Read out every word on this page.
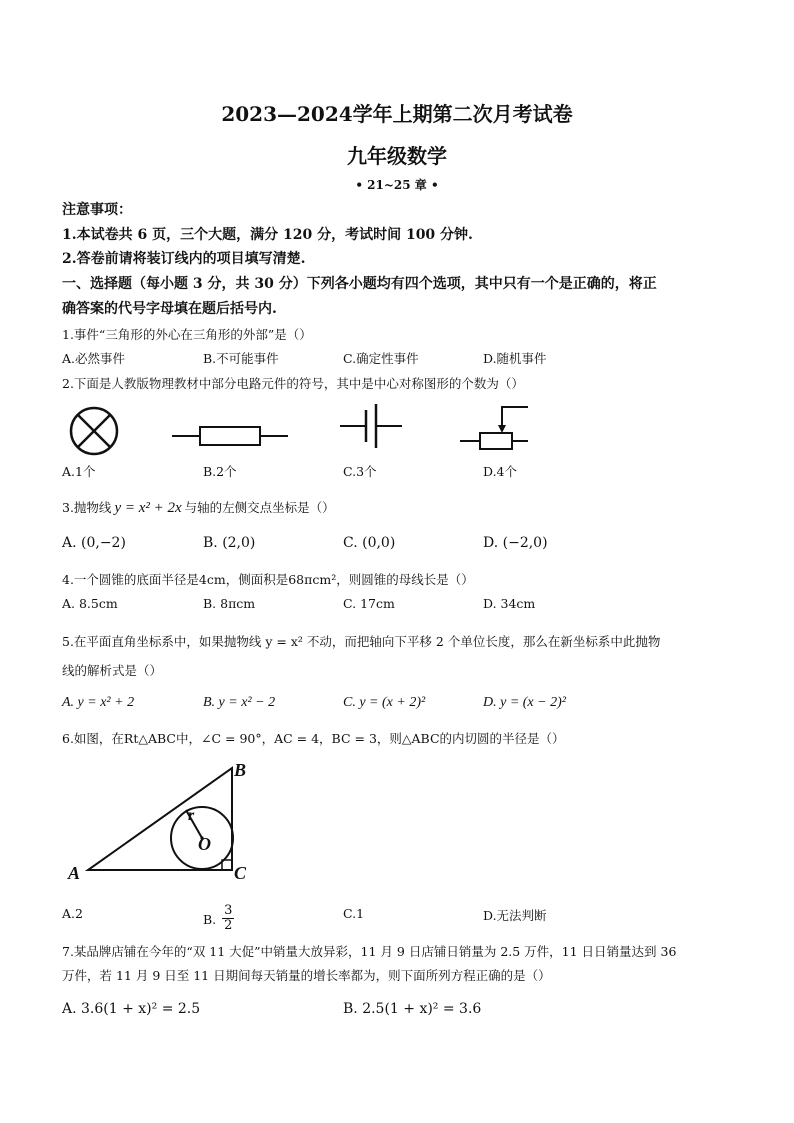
2023—2024学年上期第二次月考试卷
九年级数学
• 21~25 章 •
注意事项：
1.本试卷共 6 页，三个大题，满分 120 分，考试时间 100 分钟.
2.答卷前请将装订线内的项目填写清楚.
一、选择题（每小题 3 分，共 30 分）下列各小题均有四个选项，其中只有一个是正确的，将正
确答案的代号字母填在题后括号内.
1.事件“三角形的外心在三角形的外部”是（）
A.必然事件	B.不可能事件	C.确定性事件	D.随机事件
2.下面是人教版物理教材中部分电路元件的符号，其中是中心对称图形的个数为（）
A.1个	B.2个	C.3个	D.4个
3.抛物线 y = x² + 2x 与轴的左侧交点坐标是（）
A. (0,−2)	B. (2,0)	C. (0,0)	D. (−2,0)
4.一个圆锥的底面半径是4cm，侧面积是68πcm²，则圆锥的母线长是（）
A. 8.5cm	B. 8πcm	C. 17cm	D. 34cm
5.在平面直角坐标系中，如果抛物线 y = x² 不动，而把轴向下平移 2 个单位长度，那么在新坐标系中此抛物
线的解析式是（）
A. y = x² + 2	B. y = x² − 2	C. y = (x + 2)²	D. y = (x − 2)²
6.如图，在Rt△ABC中，∠C = 90°，AC = 4，BC = 3，则△ABC的内切圆的半径是（）
A
B
C
O
r
A.2	B. $\frac{3}{2}$	C.1	D.无法判断
7.某品牌店铺在今年的“双 11 大促”中销量大放异彩，11 月 9 日店铺日销量为 2.5 万件，11 日日销量达到 36
万件，若 11 月 9 日至 11 日期间每天销量的增长率都为，则下面所列方程正确的是（）
A. 3.6(1 + x)² = 2.5	B. 2.5(1 + x)² = 3.6
